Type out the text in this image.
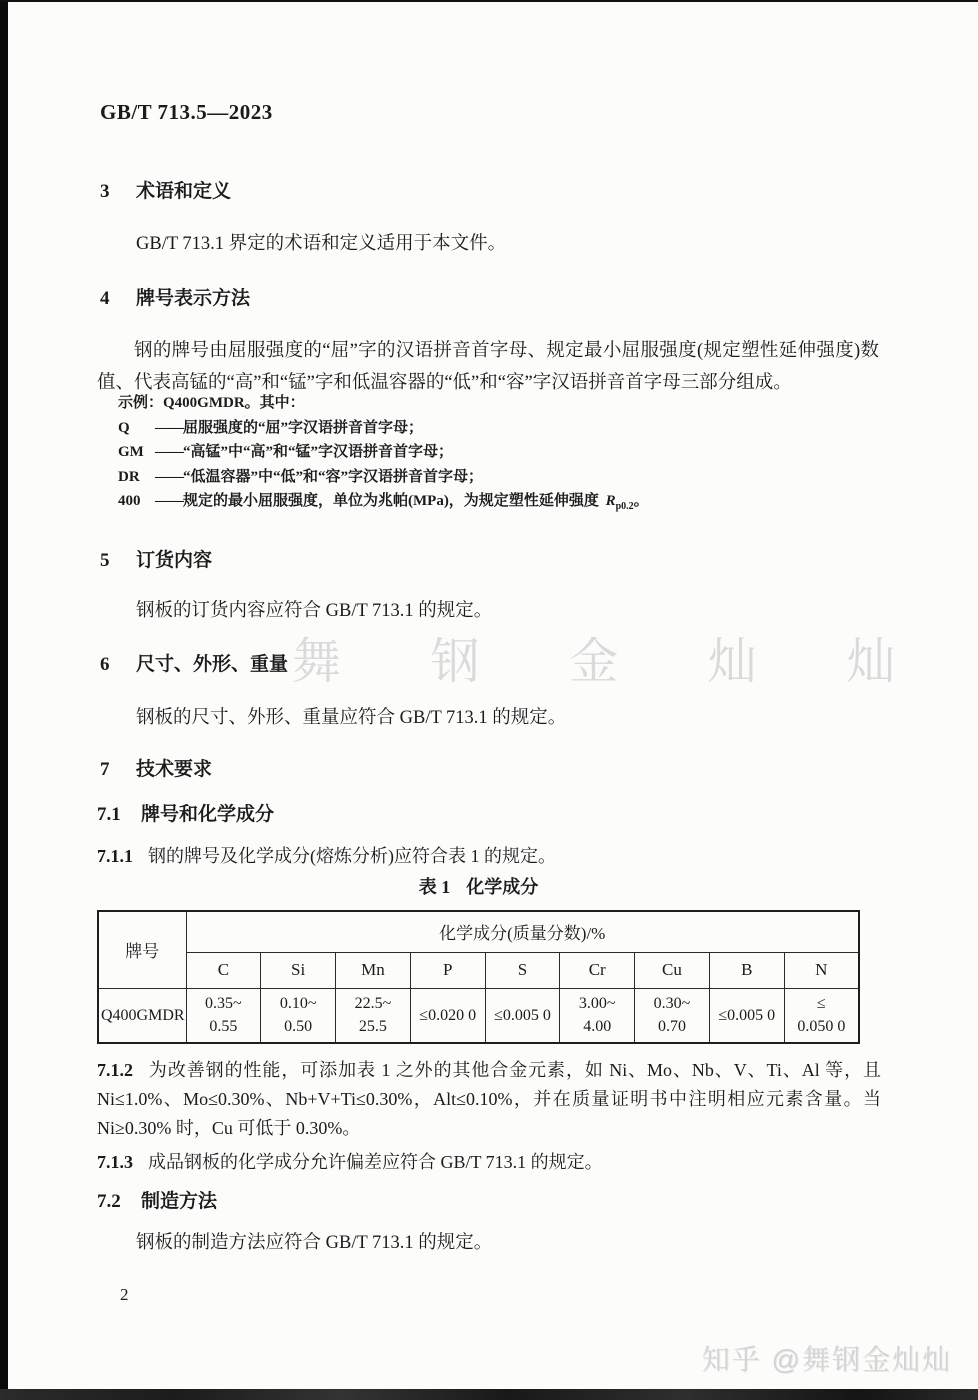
舞 钢 金 灿 灿
知乎 @舞钢金灿灿
GB/T 713.5—2023
3 术语和定义
GB/T 713.1 界定的术语和定义适用于本文件。
4 牌号表示方法

钢的牌号由屈服强度的“屈”字的汉语拼音首字母、规定最小屈服强度(规定塑性延伸强度)数值、代表高锰的“高”和“锰”字和低温容器的“低”和“容”字汉语拼音首字母三部分组成。

示例：Q400GMDR。其中：
Q	—— 屈服强度的“屈”字汉语拼音首字母；
GM —— “高锰”中“高”和“锰”字汉语拼音首字母；
DR	—— “低温容器”中“低”和“容”字汉语拼音首字母；
400 —— 规定的最小屈服强度，单位为兆帕(MPa)，为规定塑性延伸强度 $R_{p0.2}$。
5 订货内容
钢板的订货内容应符合 GB/T 713.1 的规定。
6 尺寸、外形、重量
钢板的尺寸、外形、重量应符合 GB/T 713.1 的规定。
7 技术要求
7.1 牌号和化学成分

7.1.1 钢的牌号及化学成分(熔炼分析)应符合表 1 的规定。

表 1 化学成分
牌号	化学成分(质量分数)/%								
	C	Si	Mn	P	S	Cr	Cu	B	N
Q400GMDR	0.35~
0.55	0.10~
0.50	22.5~
25.5	≤0.020 0	≤0.005 0	3.00~
4.00	0.30~
0.70	≤0.005 0	≤
0.050 0

7.1.2 为改善钢的性能，可添加表 1 之外的其他合金元素，如 Ni、Mo、Nb、V、Ti、Al 等，且 Ni≤1.0%、Mo≤0.30%、Nb+V+Ti≤0.30%，Alt≤0.10%，并在质量证明书中注明相应元素含量。当 Ni≥0.30% 时，Cu 可低于 0.30%。

7.1.3 成品钢板的化学成分允许偏差应符合 GB/T 713.1 的规定。

7.2 制造方法
钢板的制造方法应符合 GB/T 713.1 的规定。
2
